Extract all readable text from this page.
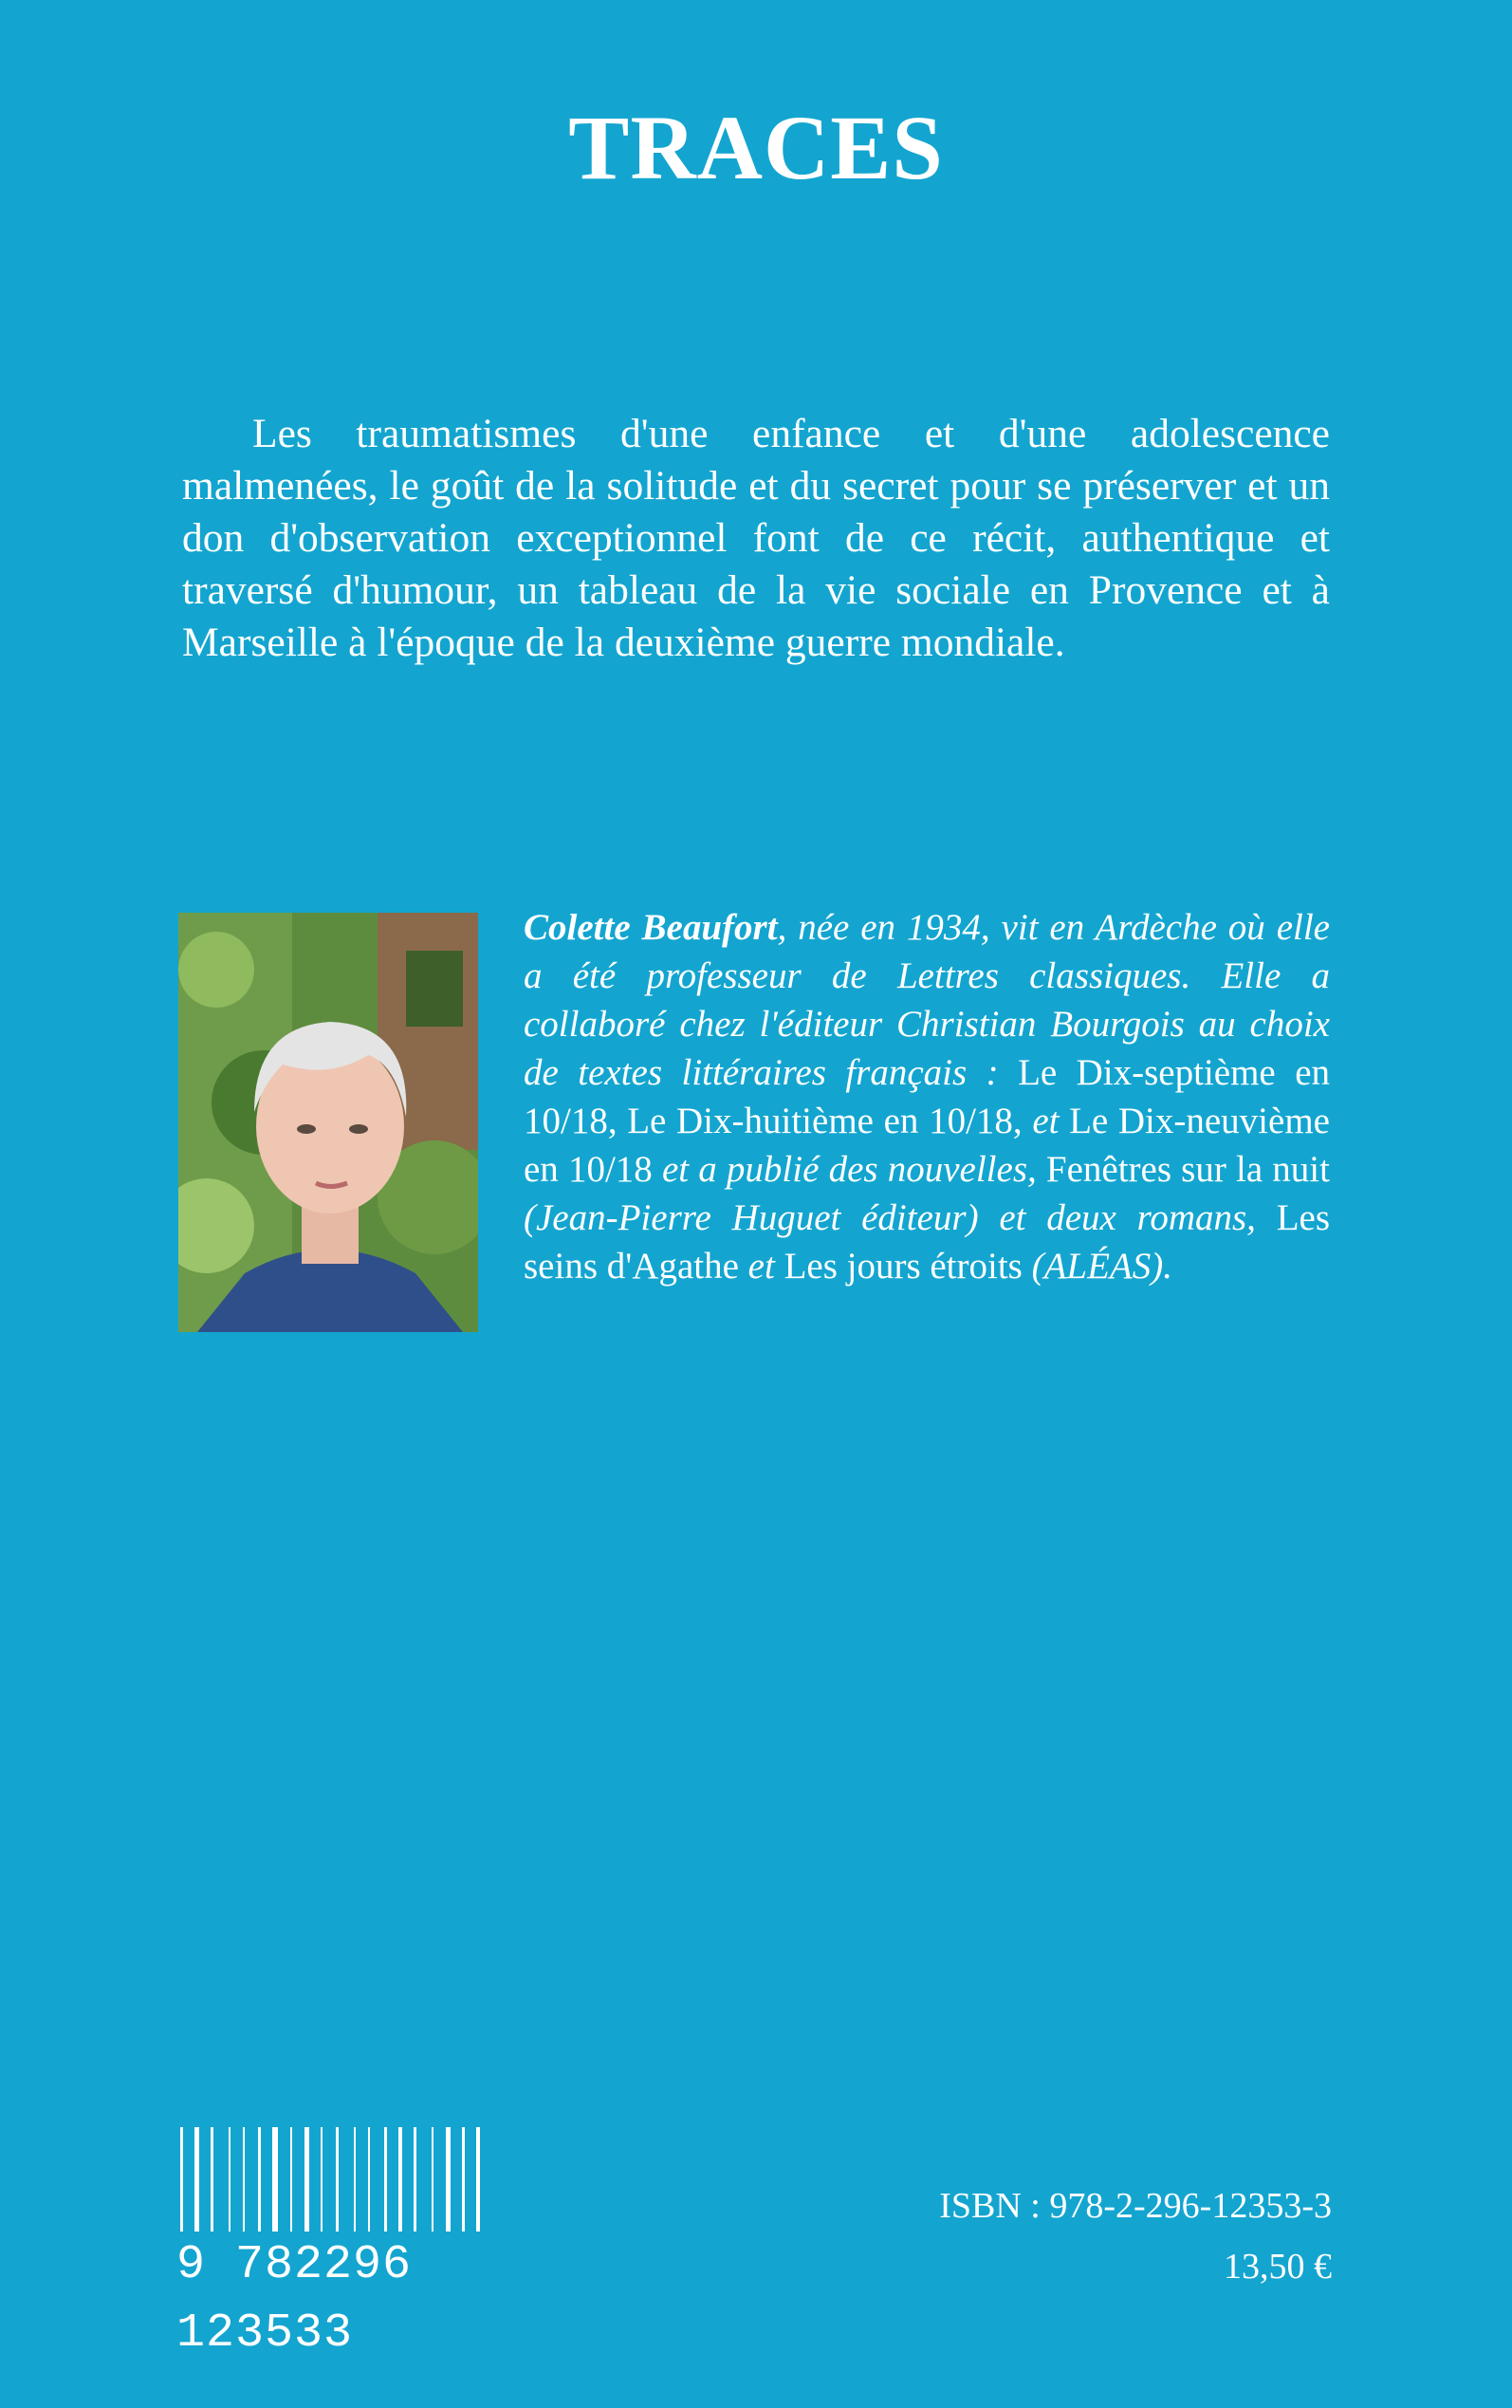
TRACES

Les traumatismes d'une enfance et d'une adolescence malmenées, le goût de la solitude et du secret pour se préserver et un don d'observation exceptionnel font de ce récit, authentique et traversé d'humour, un tableau de la vie sociale en Provence et à Marseille à l'époque de la deuxième guerre mondiale.

Colette Beaufort, née en 1934, vit en Ardèche où elle a été professeur de Lettres classiques. Elle a collaboré chez l'éditeur Christian Bourgois au choix de textes littéraires français : Le Dix-septième en 10/18, Le Dix-huitième en 10/18, et Le Dix-neuvième en 10/18 et a publié des nouvelles, Fenêtres sur la nuit (Jean-Pierre Huguet éditeur) et deux romans, Les seins d'Agathe et Les jours étroits (ALÉAS).

9 782296 123533

ISBN : 978-2-296-12353-3

13,50 €
